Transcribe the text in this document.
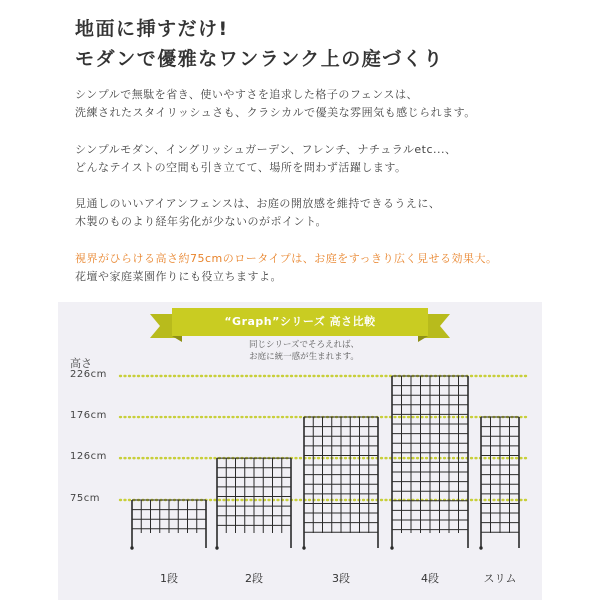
地面に挿すだけ!
モダンで優雅なワンランク上の庭づくり
シンプルで無駄を省き、使いやすさを追求した格子のフェンスは、
洗練されたスタイリッシュさも、クラシカルで優美な雰囲気も感じられます。
シンプルモダン、イングリッシュガーデン、フレンチ、ナチュラルetc...、
どんなテイストの空間も引き立てて、場所を問わず活躍します。
見通しのいいアイアンフェンスは、お庭の開放感を維持できるうえに、
木製のものより経年劣化が少ないのがポイント。
視界がひらける高さ約75cmのロータイプは、お庭をすっきり広く見せる効果大。
花壇や家庭菜園作りにも役立ちますよ。
“Graph”シリーズ 高さ比較
同じシリーズでそろえれば、
お庭に統一感が生まれます。
高さ
226cm
176cm
126cm
75cm
1段	2段	3段	4段	スリム
